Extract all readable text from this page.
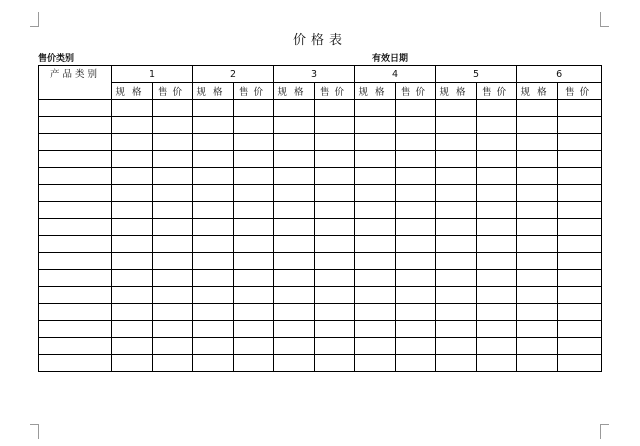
价格表
售价类别	有效日期
产品类别	1		2		3		4		5		6	
	规格	售价	规格	售价	规格	售价	规格	售价	规格	售价	规格	售价
